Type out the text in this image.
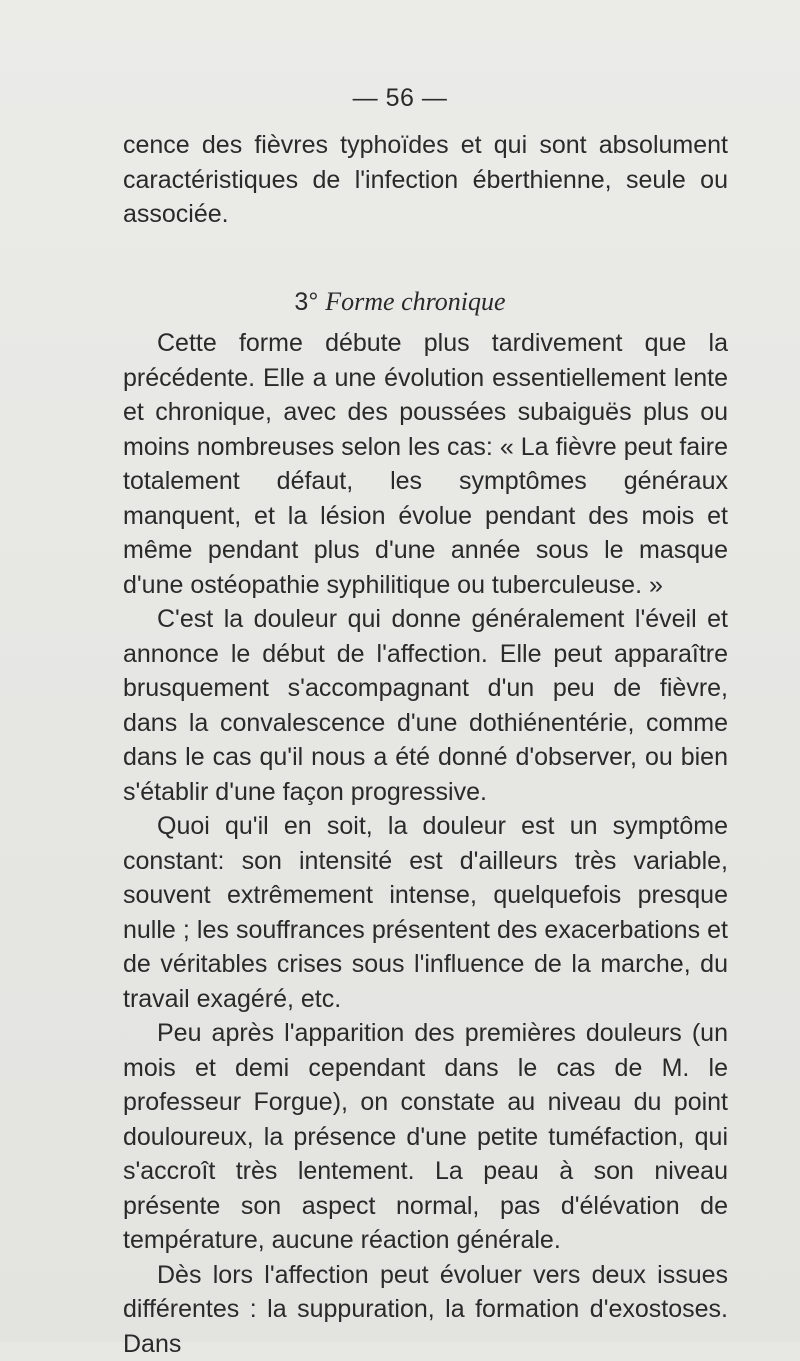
— 56 —
cence des fièvres typhoïdes et qui sont absolument caractéristiques de l'infection éberthienne, seule ou associée.
3° Forme chronique

Cette forme débute plus tardivement que la précédente. Elle a une évolution essentiellement lente et chronique, avec des poussées subaiguës plus ou moins nombreuses selon les cas: « La fièvre peut faire totalement défaut, les symptômes généraux manquent, et la lésion évolue pendant des mois et même pendant plus d'une année sous le masque d'une ostéopathie syphilitique ou tuberculeuse. »

C'est la douleur qui donne généralement l'éveil et annonce le début de l'affection. Elle peut apparaître brusquement s'accompagnant d'un peu de fièvre, dans la convalescence d'une dothiénentérie, comme dans le cas qu'il nous a été donné d'observer, ou bien s'établir d'une façon progressive.

Quoi qu'il en soit, la douleur est un symptôme constant: son intensité est d'ailleurs très variable, souvent extrêmement intense, quelquefois presque nulle ; les souffrances présentent des exacerbations et de véritables crises sous l'influence de la marche, du travail exagéré, etc.

Peu après l'apparition des premières douleurs (un mois et demi cependant dans le cas de M. le professeur Forgue), on constate au niveau du point douloureux, la présence d'une petite tuméfaction, qui s'accroît très lentement. La peau à son niveau présente son aspect normal, pas d'élévation de température, aucune réaction générale.

Dès lors l'affection peut évoluer vers deux issues différentes : la suppuration, la formation d'exostoses. Dans
